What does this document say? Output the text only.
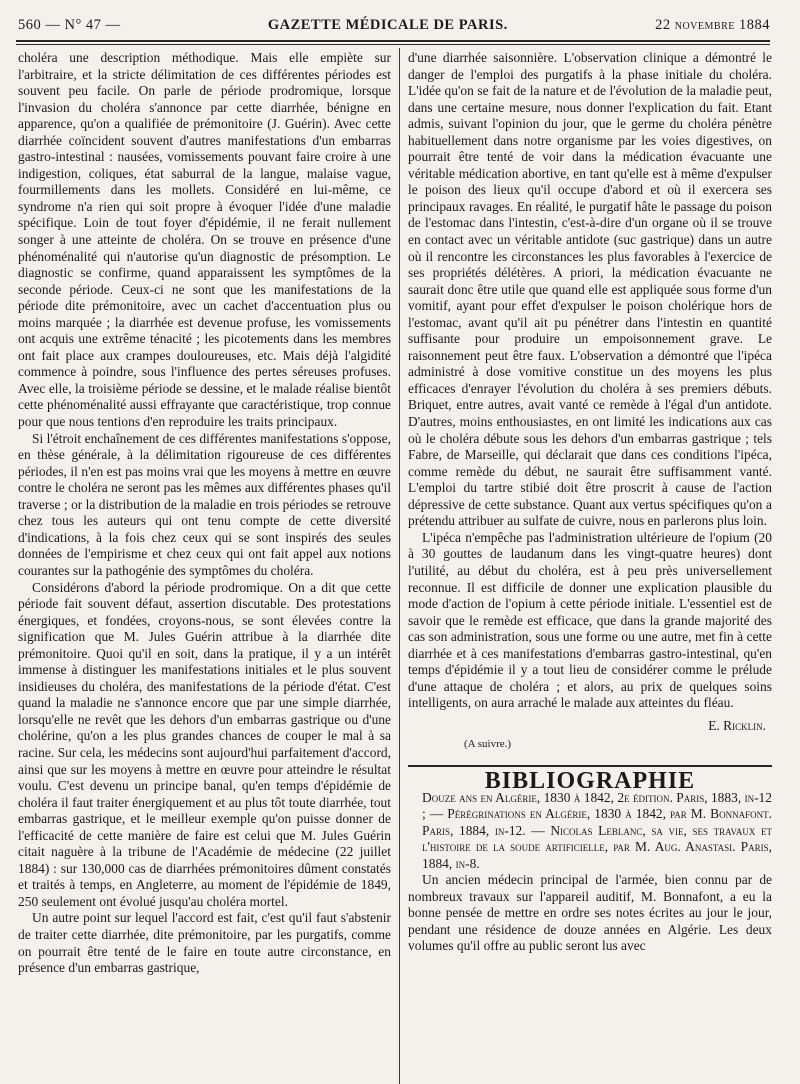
560 — N° 47 —	GAZETTE MÉDICALE DE PARIS.	22 novembre 1884

choléra une description méthodique. Mais elle empiète sur l'arbitraire, et la stricte délimitation de ces différentes périodes est souvent peu facile. On parle de période prodromique, lorsque l'invasion du choléra s'annonce par cette diarrhée, bénigne en apparence, qu'on a qualifiée de prémonitoire (J. Guérin). Avec cette diarrhée coïncident souvent d'autres manifestations d'un embarras gastro-intestinal : nausées, vomissements pouvant faire croire à une indigestion, coliques, état saburral de la langue, malaise vague, fourmillements dans les mollets. Considéré en lui-même, ce syndrome n'a rien qui soit propre à évoquer l'idée d'une maladie spécifique. Loin de tout foyer d'épidémie, il ne ferait nullement songer à une atteinte de choléra. On se trouve en présence d'une phénoménalité qui n'autorise qu'un diagnostic de présomption. Le diagnostic se confirme, quand apparaissent les symptômes de la seconde période. Ceux-ci ne sont que les manifestations de la période dite prémonitoire, avec un cachet d'accentuation plus ou moins marquée ; la diarrhée est devenue profuse, les vomissements ont acquis une extrême ténacité ; les picotements dans les membres ont fait place aux crampes douloureuses, etc. Mais déjà l'algidité commence à poindre, sous l'influence des pertes séreuses profuses. Avec elle, la troisième période se dessine, et le malade réalise bientôt cette phénoménalité aussi effrayante que caractéristique, trop connue pour que nous tentions d'en reproduire les traits principaux.

Si l'étroit enchaînement de ces différentes manifestations s'oppose, en thèse générale, à la délimitation rigoureuse de ces différentes périodes, il n'en est pas moins vrai que les moyens à mettre en œuvre contre le choléra ne seront pas les mêmes aux différentes phases qu'il traverse ; or la distribution de la maladie en trois périodes se retrouve chez tous les auteurs qui ont tenu compte de cette diversité d'indications, à la fois chez ceux qui se sont inspirés des seules données de l'empirisme et chez ceux qui ont fait appel aux notions courantes sur la pathogénie des symptômes du choléra.

Considérons d'abord la période prodromique. On a dit que cette période fait souvent défaut, assertion discutable. Des protestations énergiques, et fondées, croyons-nous, se sont élevées contre la signification que M. Jules Guérin attribue à la diarrhée dite prémonitoire. Quoi qu'il en soit, dans la pratique, il y a un intérêt immense à distinguer les manifestations initiales et le plus souvent insidieuses du choléra, des manifestations de la période d'état. C'est quand la maladie ne s'annonce encore que par une simple diarrhée, lorsqu'elle ne revêt que les dehors d'un embarras gastrique ou d'une cholérine, qu'on a les plus grandes chances de couper le mal à sa racine. Sur cela, les médecins sont aujourd'hui parfaitement d'accord, ainsi que sur les moyens à mettre en œuvre pour atteindre le résultat voulu. C'est devenu un principe banal, qu'en temps d'épidémie de choléra il faut traiter énergiquement et au plus tôt toute diarrhée, tout embarras gastrique, et le meilleur exemple qu'on puisse donner de l'efficacité de cette manière de faire est celui que M. Jules Guérin citait naguère à la tribune de l'Académie de médecine (22 juillet 1884) : sur 130,000 cas de diarrhées prémonitoires dûment constatés et traités à temps, en Angleterre, au moment de l'épidémie de 1849, 250 seulement ont évolué jusqu'au choléra mortel.

Un autre point sur lequel l'accord est fait, c'est qu'il faut s'abstenir de traiter cette diarrhée, dite prémonitoire, par les purgatifs, comme on pourrait être tenté de le faire en toute autre circonstance, en présence d'un embarras gastrique,

d'une diarrhée saisonnière. L'observation clinique a démontré le danger de l'emploi des purgatifs à la phase initiale du choléra. L'idée qu'on se fait de la nature et de l'évolution de la maladie peut, dans une certaine mesure, nous donner l'explication du fait. Etant admis, suivant l'opinion du jour, que le germe du choléra pénètre habituellement dans notre organisme par les voies digestives, on pourrait être tenté de voir dans la médication évacuante une véritable médication abortive, en tant qu'elle est à même d'expulser le poison des lieux qu'il occupe d'abord et où il exercera ses principaux ravages. En réalité, le purgatif hâte le passage du poison de l'estomac dans l'intestin, c'est-à-dire d'un organe où il se trouve en contact avec un véritable antidote (suc gastrique) dans un autre où il rencontre les circonstances les plus favorables à l'exercice de ses propriétés délétères. A priori, la médication évacuante ne saurait donc être utile que quand elle est appliquée sous forme d'un vomitif, ayant pour effet d'expulser le poison cholérique hors de l'estomac, avant qu'il ait pu pénétrer dans l'intestin en quantité suffisante pour produire un empoisonnement grave. Le raisonnement peut être faux. L'observation a démontré que l'ipéca administré à dose vomitive constitue un des moyens les plus efficaces d'enrayer l'évolution du choléra à ses premiers débuts. Briquet, entre autres, avait vanté ce remède à l'égal d'un antidote. D'autres, moins enthousiastes, en ont limité les indications aux cas où le choléra débute sous les dehors d'un embarras gastrique ; tels Fabre, de Marseille, qui déclarait que dans ces conditions l'ipéca, comme remède du début, ne saurait être suffisamment vanté. L'emploi du tartre stibié doit être proscrit à cause de l'action dépressive de cette substance. Quant aux vertus spécifiques qu'on a prétendu attribuer au sulfate de cuivre, nous en parlerons plus loin.

L'ipéca n'empêche pas l'administration ultérieure de l'opium (20 à 30 gouttes de laudanum dans les vingt-quatre heures) dont l'utilité, au début du choléra, est à peu près universellement reconnue. Il est difficile de donner une explication plausible du mode d'action de l'opium à cette période initiale. L'essentiel est de savoir que le remède est efficace, que dans la grande majorité des cas son administration, sous une forme ou une autre, met fin à cette diarrhée et à ces manifestations d'embarras gastro-intestinal, qu'en temps d'épidémie il y a tout lieu de considérer comme le prélude d'une attaque de choléra ; et alors, au prix de quelques soins intelligents, on aura arraché le malade aux atteintes du fléau.

E. Ricklin.

(A suivre.)

BIBLIOGRAPHIE

Douze ans en Algérie, 1830 à 1842, 2e édition. Paris, 1883, in-12 ; — Pérégrinations en Algérie, 1830 à 1842, par M. Bonnafont. Paris, 1884, in-12. — Nicolas Leblanc, sa vie, ses travaux et l'histoire de la soude artificielle, par M. Aug. Anastasi. Paris, 1884, in-8.

Un ancien médecin principal de l'armée, bien connu par de nombreux travaux sur l'appareil auditif, M. Bonnafont, a eu la bonne pensée de mettre en ordre ses notes écrites au jour le jour, pendant une résidence de douze années en Algérie. Les deux volumes qu'il offre au public seront lus avec
